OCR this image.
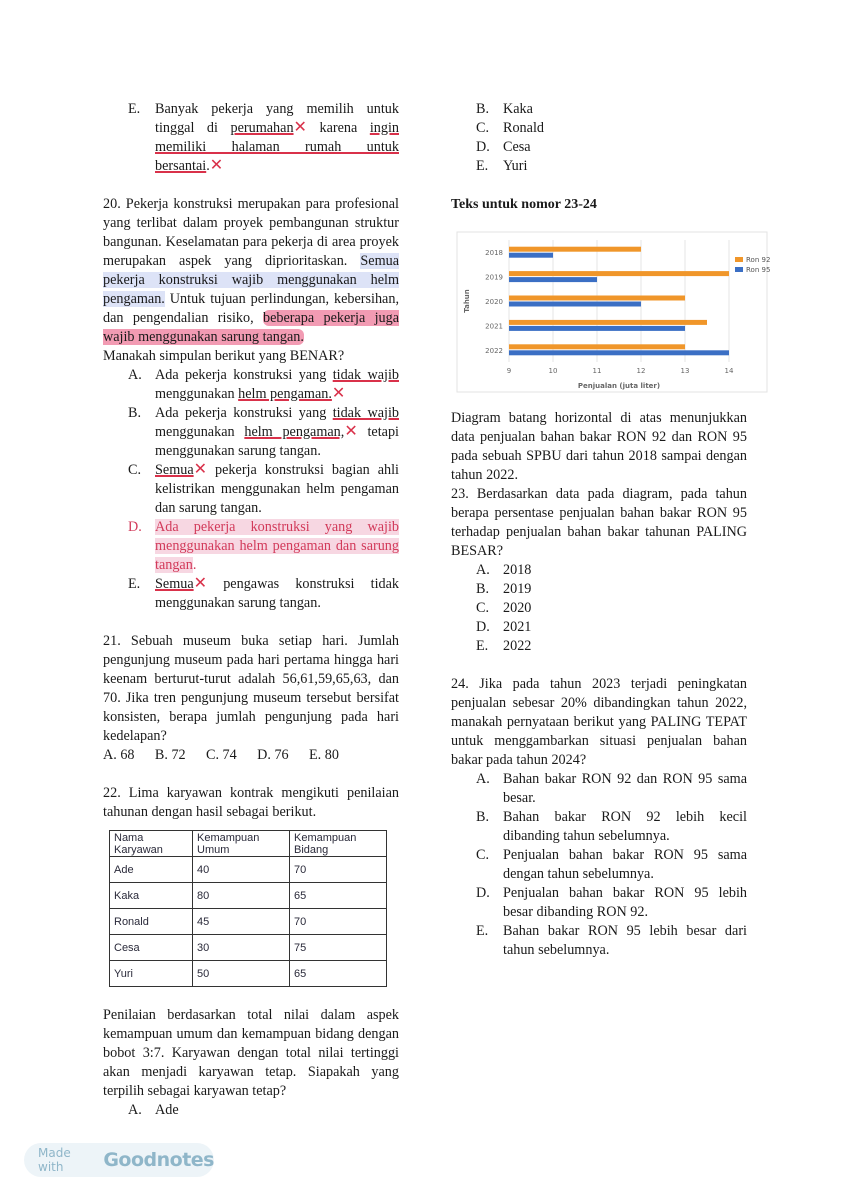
E.	Banyak pekerja yang memilih untuk tinggal di perumahan✕ karena ingin memiliki halaman rumah untuk bersantai.✕

20. Pekerja konstruksi merupakan para profesional yang terlibat dalam proyek pembangunan struktur bangunan. Keselamatan para pekerja di area proyek merupakan aspek yang diprioritaskan. Semua pekerja konstruksi wajib menggunakan helm pengaman. Untuk tujuan perlindungan, kebersihan, dan pengendalian risiko, beberapa pekerja juga wajib menggunakan sarung tangan.

Manakah simpulan berikut yang BENAR?

A. Ada pekerja konstruksi yang tidak wajib menggunakan helm pengaman.✕
B. Ada pekerja konstruksi yang tidak wajib menggunakan helm pengaman,✕ tetapi menggunakan sarung tangan.
C. Semua✕ pekerja konstruksi bagian ahli kelistrikan menggunakan helm pengaman dan sarung tangan.
D. Ada pekerja konstruksi yang wajib menggunakan helm pengaman dan sarung tangan.
E.	Semua✕ pengawas konstruksi tidak menggunakan sarung tangan.

21. Sebuah museum buka setiap hari. Jumlah pengunjung museum pada hari pertama hingga hari keenam berturut-turut adalah 56,61,59,65,63, dan 70. Jika tren pengunjung museum tersebut bersifat konsisten, berapa jumlah pengunjung pada hari kedelapan?

A. 68 B. 72 C. 74 D. 76 E. 80

22. Lima karyawan kontrak mengikuti penilaian tahunan dengan hasil sebagai berikut.

Nama Karyawan	Kemampuan Umum	Kemampuan Bidang
Ade	40	70
Kaka	80	65
Ronald	45	70
Cesa	30	75
Yuri	50	65

Penilaian berdasarkan total nilai dalam aspek kemampuan umum dan kemampuan bidang dengan bobot 3:7. Karyawan dengan total nilai tertinggi akan menjadi karyawan tetap. Siapakah yang terpilih sebagai karyawan tetap?

A. Ade
B. Kaka
C. Ronald
D. Cesa
E.	Yuri
Teks untuk nomor 23-24
9	10	11	12	13	14
2018
2019
2020
2021
2022
Penjualan (juta liter)
Tahun
Ron 92
Ron 95

Diagram batang horizontal di atas menunjukkan data penjualan bahan bakar RON 92 dan RON 95 pada sebuah SPBU dari tahun 2018 sampai dengan tahun 2022.

23. Berdasarkan data pada diagram, pada tahun berapa persentase penjualan bahan bakar RON 95 terhadap penjualan bahan bakar tahunan PALING BESAR?

A. 2018
B. 2019
C. 2020
D. 2021
E.	2022

24. Jika pada tahun 2023 terjadi peningkatan penjualan sebesar 20% dibandingkan tahun 2022, manakah pernyataan berikut yang PALING TEPAT untuk menggambarkan situasi penjualan bahan bakar pada tahun 2024?

A. Bahan bakar RON 92 dan RON 95 sama besar.
B. Bahan bakar RON 92 lebih kecil dibanding tahun sebelumnya.
C. Penjualan bahan bakar RON 95 sama dengan tahun sebelumnya.
D. Penjualan bahan bakar RON 95 lebih besar dibanding RON 92.
E.	Bahan bakar RON 95 lebih besar dari tahun sebelumnya.
Made with	Goodnotes
